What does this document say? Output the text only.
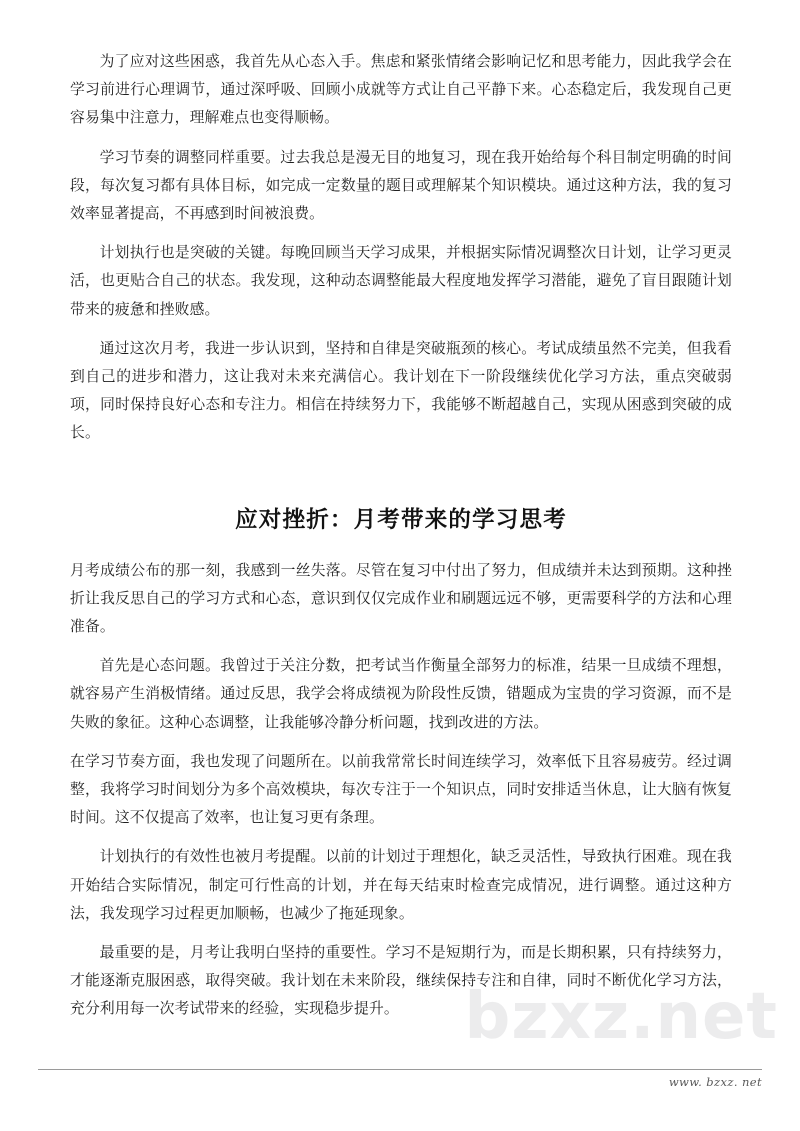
bzxz.net

为了应对这些困惑，我首先从心态入手。焦虑和紧张情绪会影响记忆和思考能力，因此我学会在学习前进行心理调节，通过深呼吸、回顾小成就等方式让自己平静下来。心态稳定后，我发现自己更容易集中注意力，理解难点也变得顺畅。

学习节奏的调整同样重要。过去我总是漫无目的地复习，现在我开始给每个科目制定明确的时间段，每次复习都有具体目标，如完成一定数量的题目或理解某个知识模块。通过这种方法，我的复习效率显著提高，不再感到时间被浪费。

计划执行也是突破的关键。每晚回顾当天学习成果，并根据实际情况调整次日计划，让学习更灵活，也更贴合自己的状态。我发现，这种动态调整能最大程度地发挥学习潜能，避免了盲目跟随计划带来的疲惫和挫败感。

通过这次月考，我进一步认识到，坚持和自律是突破瓶颈的核心。考试成绩虽然不完美，但我看到自己的进步和潜力，这让我对未来充满信心。我计划在下一阶段继续优化学习方法，重点突破弱项，同时保持良好心态和专注力。相信在持续努力下，我能够不断超越自己，实现从困惑到突破的成长。

应对挫折：月考带来的学习思考

月考成绩公布的那一刻，我感到一丝失落。尽管在复习中付出了努力，但成绩并未达到预期。这种挫折让我反思自己的学习方式和心态，意识到仅仅完成作业和刷题远远不够，更需要科学的方法和心理准备。

首先是心态问题。我曾过于关注分数，把考试当作衡量全部努力的标准，结果一旦成绩不理想，就容易产生消极情绪。通过反思，我学会将成绩视为阶段性反馈，错题成为宝贵的学习资源，而不是失败的象征。这种心态调整，让我能够冷静分析问题，找到改进的方法。

在学习节奏方面，我也发现了问题所在。以前我常常长时间连续学习，效率低下且容易疲劳。经过调整，我将学习时间划分为多个高效模块，每次专注于一个知识点，同时安排适当休息，让大脑有恢复时间。这不仅提高了效率，也让复习更有条理。

计划执行的有效性也被月考提醒。以前的计划过于理想化，缺乏灵活性，导致执行困难。现在我开始结合实际情况，制定可行性高的计划，并在每天结束时检查完成情况，进行调整。通过这种方法，我发现学习过程更加顺畅，也减少了拖延现象。

最重要的是，月考让我明白坚持的重要性。学习不是短期行为，而是长期积累，只有持续努力，才能逐渐克服困惑，取得突破。我计划在未来阶段，继续保持专注和自律，同时不断优化学习方法，充分利用每一次考试带来的经验，实现稳步提升。

www. bzxz. net
